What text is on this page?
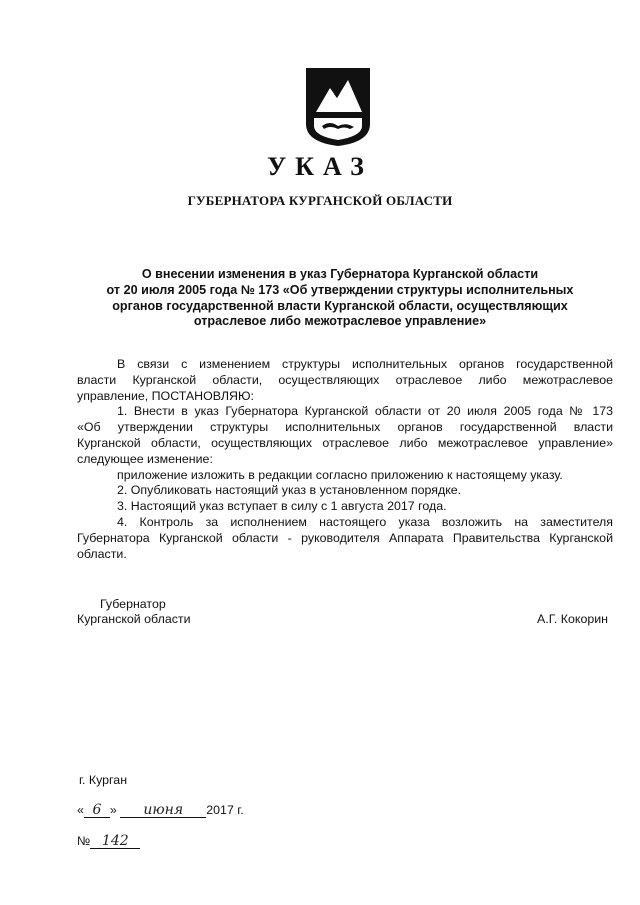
УКАЗ
ГУБЕРНАТОРА КУРГАНСКОЙ ОБЛАСТИ
О внесении изменения в указ Губернатора Курганской области
от 20 июля 2005 года № 173 «Об утверждении структуры исполнительных
органов государственной власти Курганской области, осуществляющих
отраслевое либо межотраслевое управление»
В связи с изменением структуры исполнительных органов государственной
власти Курганской области, осуществляющих отраслевое либо межотраслевое
управление, ПОСТАНОВЛЯЮ:
1. Внести в указ Губернатора Курганской области от 20 июля 2005 года № 173
«Об утверждении структуры исполнительных органов государственной власти
Курганской области, осуществляющих отраслевое либо межотраслевое управление»
следующее изменение:
приложение изложить в редакции согласно приложению к настоящему указу.
2. Опубликовать настоящий указ в установленном порядке.
3. Настоящий указ вступает в силу с 1 августа 2017 года.
4. Контроль за исполнением настоящего указа возложить на заместителя
Губернатора Курганской области - руководителя Аппарата Правительства Курганской
области.
Губернатор
Курганской области	А.Г. Кокорин
г. Курган
« 6 » июня 2017 г.
№ 142
